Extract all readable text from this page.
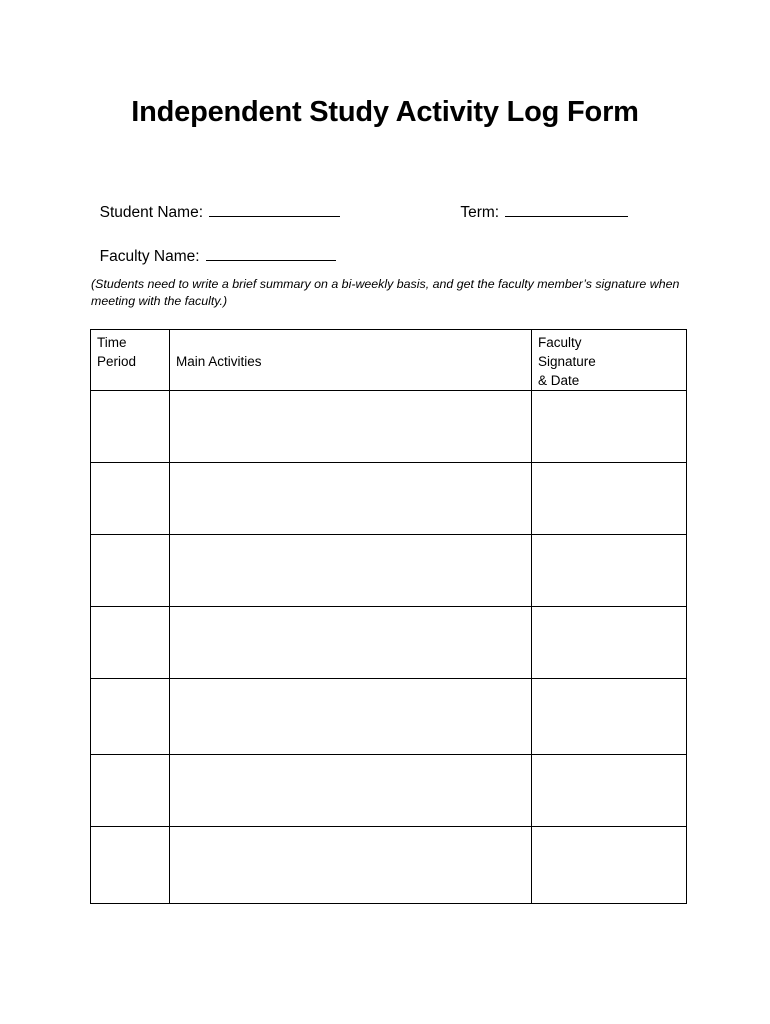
Independent Study Activity Log Form

Student Name:	Term:

Faculty Name:

(Students need to write a brief summary on a bi-weekly basis, and get the faculty member’s signature when meeting with the faculty.)
Time Period	Main Activities	Faculty Signature & Date
